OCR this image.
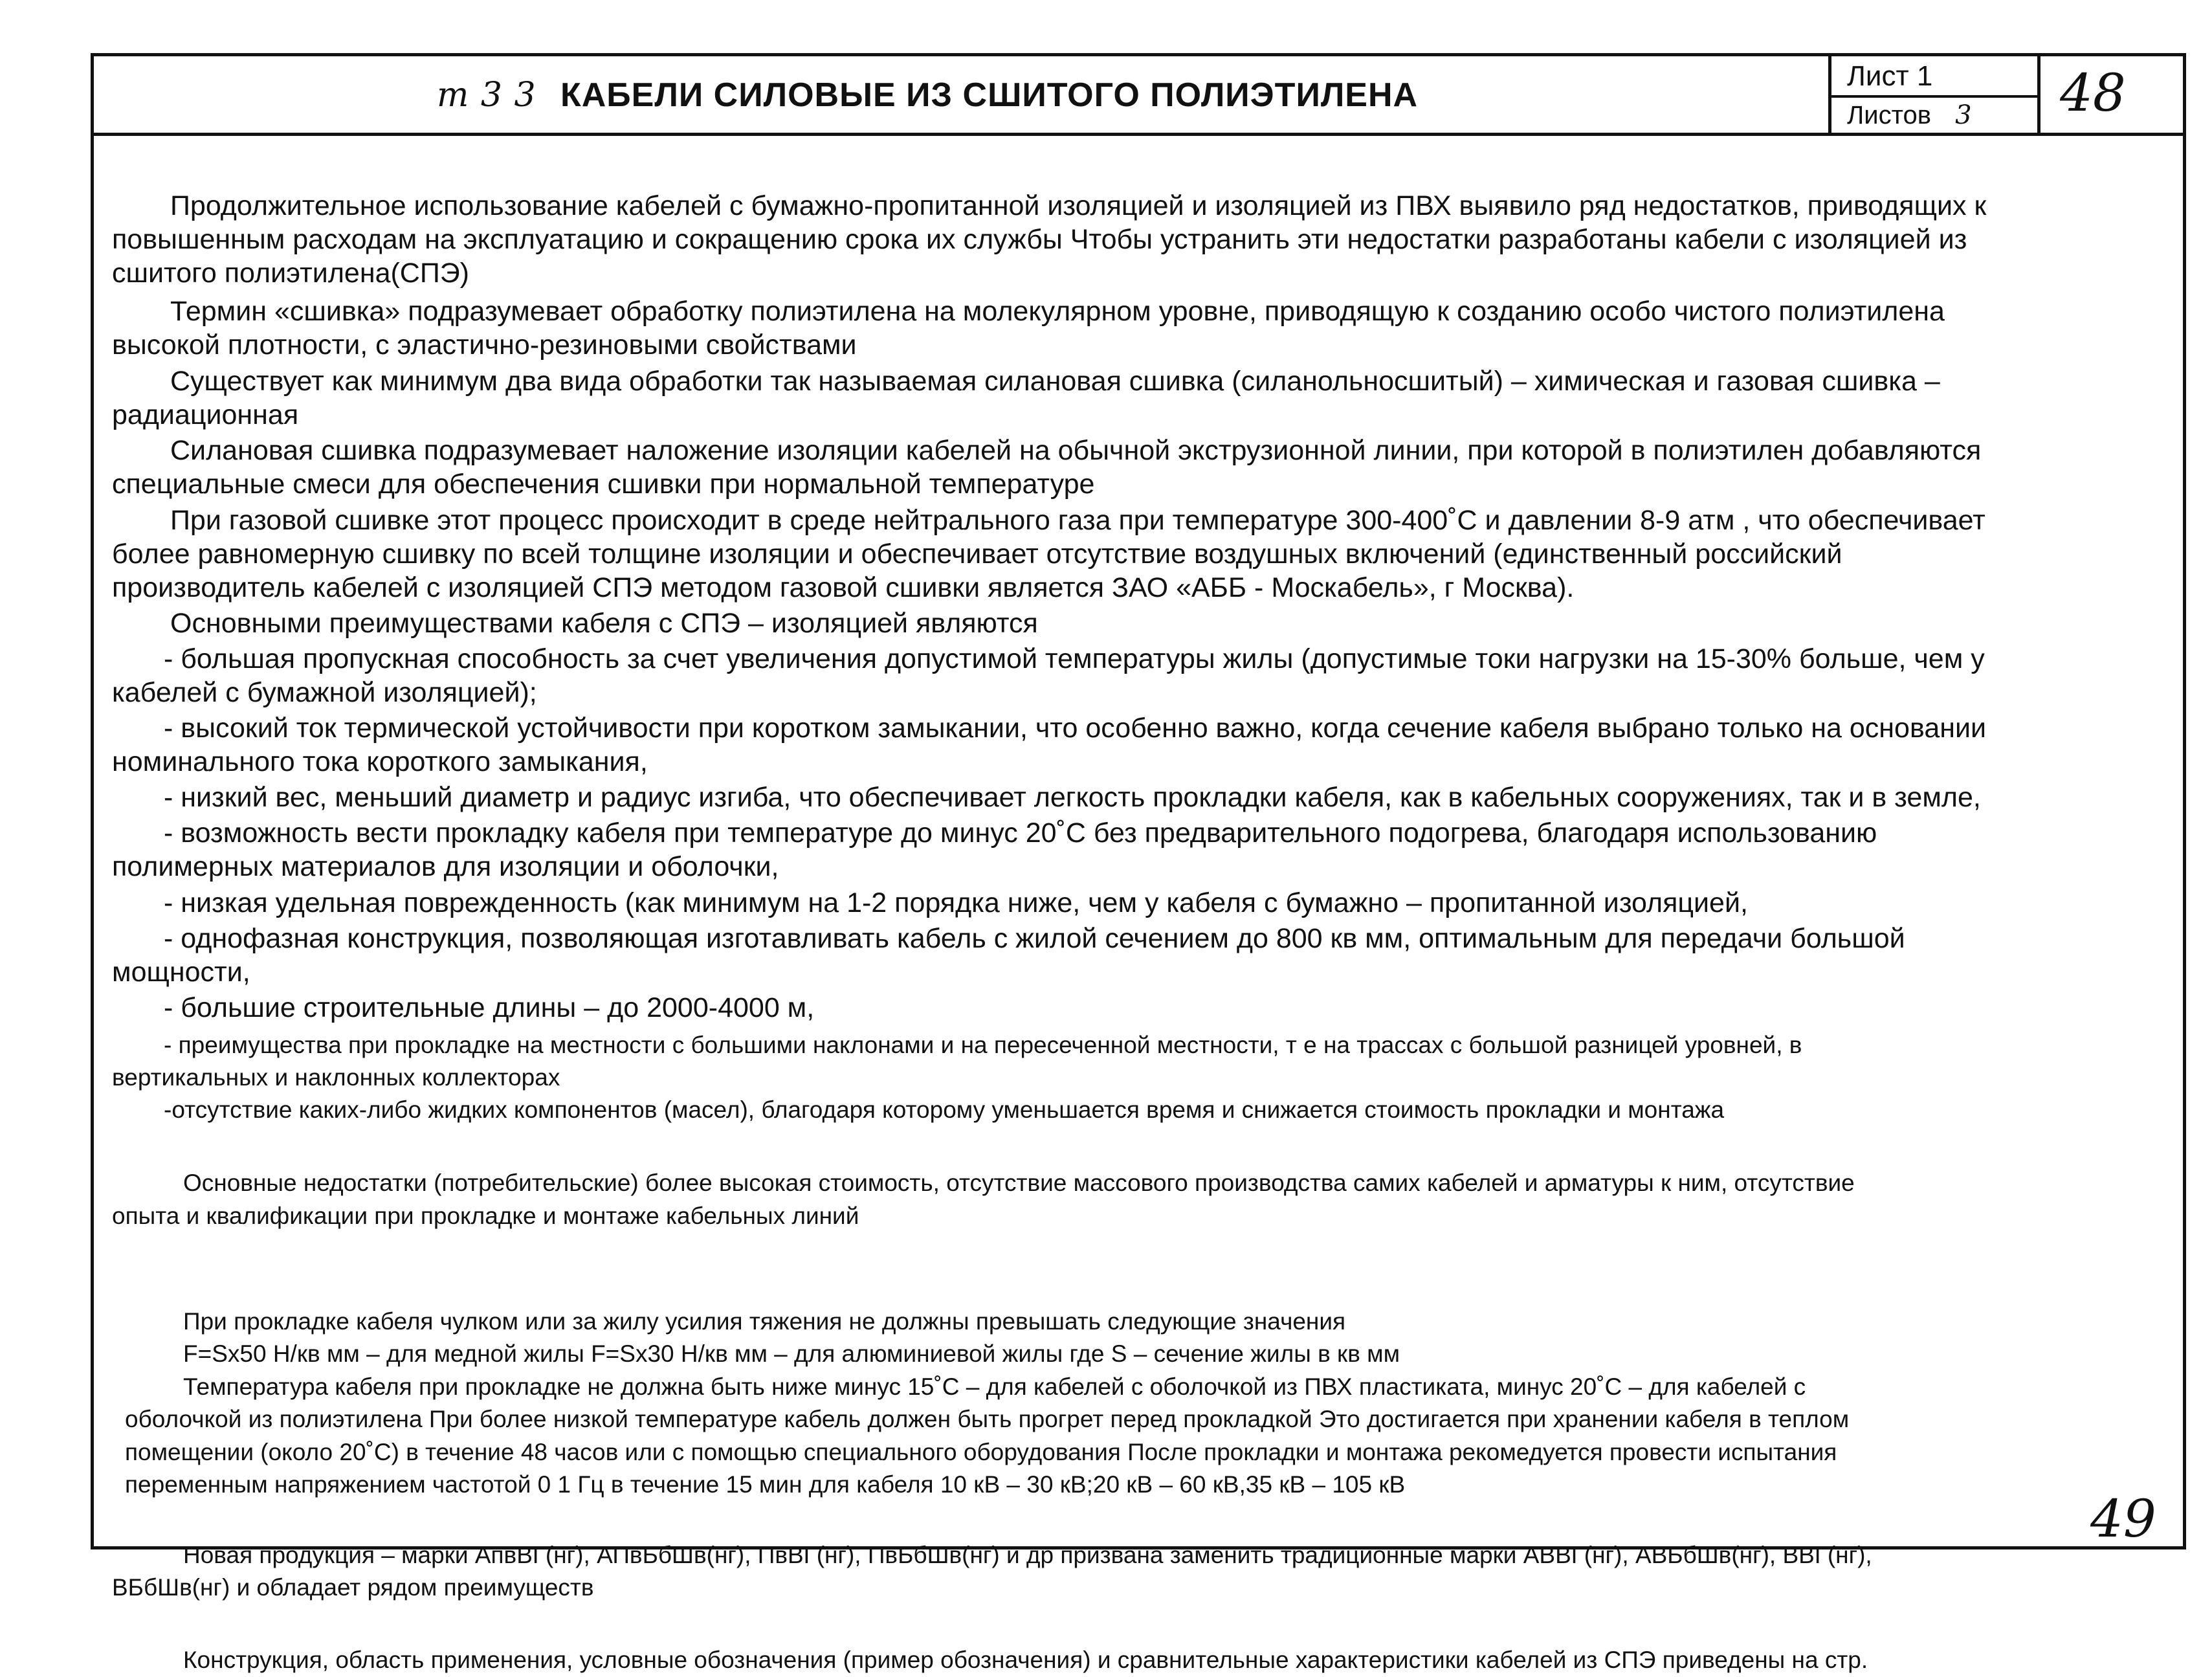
т 3 3 КАБЕЛИ СИЛОВЫЕ ИЗ СШИТОГО ПОЛИЭТИЛЕНА
Лист 1
Листов 3	48
Продолжительное использование кабелей с бумажно-пропитанной изоляцией и изоляцией из ПВХ выявило ряд недостатков, приводящих к
повышенным расходам на эксплуатацию и сокращению срока их службы Чтобы устранить эти недостатки разработаны кабели с изоляцией из
сшитого полиэтилена(СПЭ)
Термин «сшивка» подразумевает обработку полиэтилена на молекулярном уровне, приводящую к созданию особо чистого полиэтилена
высокой плотности, с эластично-резиновыми свойствами
Существует как минимум два вида обработки так называемая силановая сшивка (силанольносшитый) – химическая и газовая сшивка –
радиационная
Силановая сшивка подразумевает наложение изоляции кабелей на обычной экструзионной линии, при которой в полиэтилен добавляются
специальные смеси для обеспечения сшивки при нормальной температуре
При газовой сшивке этот процесс происходит в среде нейтрального газа при температуре 300-400˚С и давлении 8-9 атм , что обеспечивает
более равномерную сшивку по всей толщине изоляции и обеспечивает отсутствие воздушных включений (единственный российский
производитель кабелей с изоляцией СПЭ методом газовой сшивки является ЗАО «АББ - Москабель», г Москва).
Основными преимуществами кабеля с СПЭ – изоляцией являются
- большая пропускная способность за счет увеличения допустимой температуры жилы (допустимые токи нагрузки на 15-30% больше, чем у
кабелей с бумажной изоляцией);
- высокий ток термической устойчивости при коротком замыкании, что особенно важно, когда сечение кабеля выбрано только на основании
номинального тока короткого замыкания,
- низкий вес, меньший диаметр и радиус изгиба, что обеспечивает легкость прокладки кабеля, как в кабельных сооружениях, так и в земле,
- возможность вести прокладку кабеля при температуре до минус 20˚С без предварительного подогрева, благодаря использованию
полимерных материалов для изоляции и оболочки,
- низкая удельная поврежденность (как минимум на 1-2 порядка ниже, чем у кабеля с бумажно – пропитанной изоляцией,
- однофазная конструкция, позволяющая изготавливать кабель с жилой сечением до 800 кв мм, оптимальным для передачи большой
мощности,
- большие строительные длины – до 2000-4000 м,
- преимущества при прокладке на местности с большими наклонами и на пересеченной местности, т е на трассах с большой разницей уровней, в
вертикальных и наклонных коллекторах
-отсутствие каких-либо жидких компонентов (масел), благодаря которому уменьшается время и снижается стоимость прокладки и монтажа
Основные недостатки (потребительские) более высокая стоимость, отсутствие массового производства самих кабелей и арматуры к ним, отсутствие
опыта и квалификации при прокладке и монтаже кабельных линий
При прокладке кабеля чулком или за жилу усилия тяжения не должны превышать следующие значения
F=Sx50 Н/кв мм – для медной жилы F=Sx30 Н/кв мм – для алюминиевой жилы где S – сечение жилы в кв мм
Температура кабеля при прокладке не должна быть ниже минус 15˚С – для кабелей с оболочкой из ПВХ пластиката, минус 20˚С – для кабелей с
оболочкой из полиэтилена При более низкой температуре кабель должен быть прогрет перед прокладкой Это достигается при хранении кабеля в теплом
помещении (около 20˚С) в течение 48 часов или с помощью специального оборудования После прокладки и монтажа рекомедуется провести испытания
переменным напряжением частотой 0 1 Гц в течение 15 мин для кабеля 10 кВ – 30 кВ;20 кВ – 60 кВ,35 кВ – 105 кВ
Новая продукция – марки АпвВГ(нг), АПвБбШв(нг), ПвВГ(нг), ПвБбШв(нг) и др призвана заменить традиционные марки АВВГ(нг), АВБбШв(нг), ВВГ(нг),
ВБбШв(нг) и обладает рядом преимуществ
Конструкция, область применения, условные обозначения (пример обозначения) и сравнительные характеристики кабелей из СПЭ приведены на стр.
49
